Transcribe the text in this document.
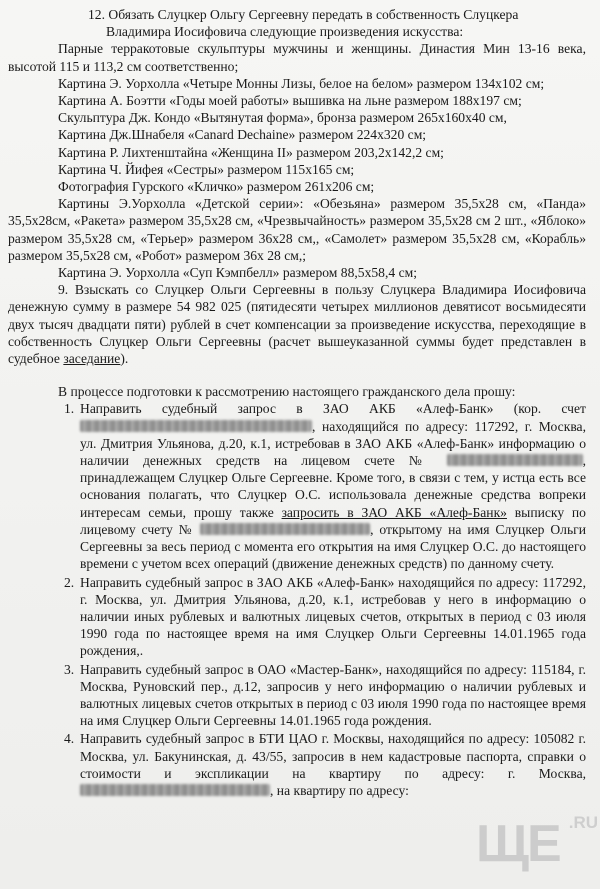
12. Обязать Слуцкер Ольгу Сергеевну передать в собственность Слуцкера

Владимира Иосифовича следующие произведения искусства:

Парные терракотовые скульптуры мужчины и женщины. Династия Мин 13-16 века, высотой 115 и 113,2 см соответственно;

Картина Э. Уорхолла «Четыре Монны Лизы, белое на белом» размером 134х102 см;

Картина А. Боэтти «Годы моей работы» вышивка на льне размером 188х197 см;

Скульптура Дж. Кондо «Вытянутая форма», бронза размером 265х160х40 см,

Картина Дж.Шнабеля «Canard Dechaine» размером 224х320 см;

Картина Р. Лихтенштайна «Женщина II» размером 203,2х142,2 см;

Картина Ч. Йифея «Сестры» размером 115х165 см;

Фотография Гурского «Кличко» размером 261х206 см;

Картины Э.Уорхолла «Детской серии»: «Обезьяна» размером 35,5х28 см, «Панда» 35,5х28см, «Ракета» размером 35,5х28 см, «Чрезвычайность» размером 35,5х28 см 2 шт., «Яблоко» размером 35,5х28 см, «Терьер» размером 36х28 см,, «Самолет» размером 35,5х28 см, «Корабль» размером 35,5х28 см, «Робот» размером 36х 28 см,;

Картина Э. Уорхолла «Суп Кэмпбелл» размером 88,5х58,4 см;

9. Взыскать со Слуцкер Ольги Сергеевны в пользу Слуцкера Владимира Иосифовича денежную сумму в размере 54 982 025 (пятидесяти четырех миллионов девятисот восьмидесяти двух тысяч двадцати пяти) рублей в счет компенсации за произведение искусства, переходящие в собственность Слуцкер Ольги Сергеевны (расчет вышеуказанной суммы будет представлен в судебное заседание).

В процессе подготовки к рассмотрению настоящего гражданского дела прошу:

1. Направить судебный запрос в ЗАО АКБ «Алеф-Банк» (кор. счет , находящийся по адресу: 117292, г. Москва, ул. Дмитрия Ульянова, д.20, к.1, истребовав в ЗАО АКБ «Алеф-Банк» информацию о наличии денежных средств на лицевом счете №	, принадлежащем Слуцкер Ольге Сергеевне. Кроме того, в связи с тем, у истца есть все основания полагать, что Слуцкер О.С. использовала денежные средства вопреки интересам семьи, прошу также запросить в ЗАО АКБ «Алеф-Банк» выписку по лицевому счету №	, открытому на имя Слуцкер Ольги Сергеевны за весь период с момента его открытия на имя Слуцкер О.С. до настоящего времени с учетом всех операций (движение денежных средств) по данному счету.
2. Направить судебный запрос в ЗАО АКБ «Алеф-Банк» находящийся по адресу: 117292, г. Москва, ул. Дмитрия Ульянова, д.20, к.1, истребовав у него в информацию о наличии иных рублевых и валютных лицевых счетов, открытых в период с 03 июля 1990 года по настоящее время на имя Слуцкер Ольги Сергеевны 14.01.1965 года рождения,.
3. Направить судебный запрос в ОАО «Мастер-Банк», находящийся по адресу: 115184, г. Москва, Руновский пер., д.12, запросив у него информацию о наличии рублевых и валютных лицевых счетов открытых в период с 03 июля 1990 года по настоящее время на имя Слуцкер Ольги Сергеевны 14.01.1965 года рождения.
4. Направить судебный запрос в БТИ ЦАО г. Москвы, находящийся по адресу: 105082 г. Москва, ул. Бакунинская, д. 43/55, запросив в нем кадастровые паспорта, справки о стоимости и экспликации на квартиру по адресу: г. Москва, , на квартиру по адресу:
ЩЕ .RU
